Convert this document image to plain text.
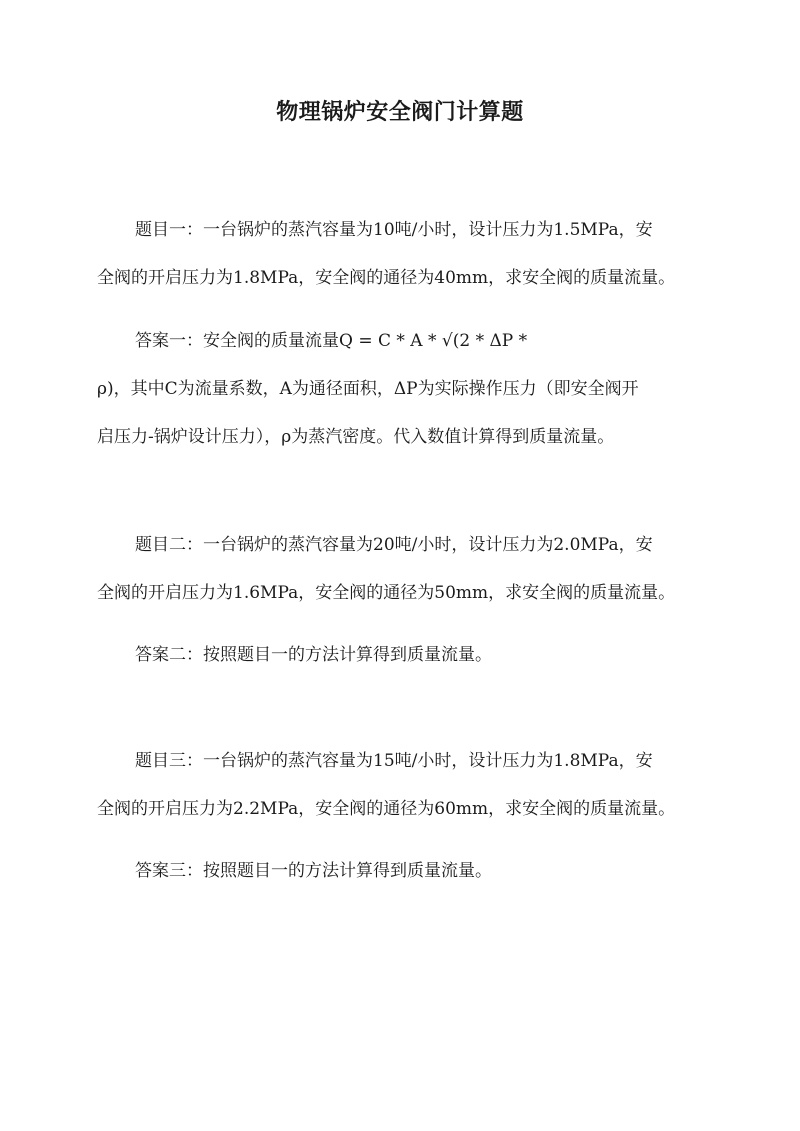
物理锅炉安全阀门计算题
题目一：一台锅炉的蒸汽容量为10吨/小时，设计压力为1.5MPa，安
全阀的开启压力为1.8MPa，安全阀的通径为40mm，求安全阀的质量流量。
答案一：安全阀的质量流量Q = C * A * √(2 * ΔP *
ρ)，其中C为流量系数，A为通径面积，ΔP为实际操作压力（即安全阀开
启压力-锅炉设计压力），ρ为蒸汽密度。代入数值计算得到质量流量。
题目二：一台锅炉的蒸汽容量为20吨/小时，设计压力为2.0MPa，安
全阀的开启压力为1.6MPa，安全阀的通径为50mm，求安全阀的质量流量。
答案二：按照题目一的方法计算得到质量流量。
题目三：一台锅炉的蒸汽容量为15吨/小时，设计压力为1.8MPa，安
全阀的开启压力为2.2MPa，安全阀的通径为60mm，求安全阀的质量流量。
答案三：按照题目一的方法计算得到质量流量。
